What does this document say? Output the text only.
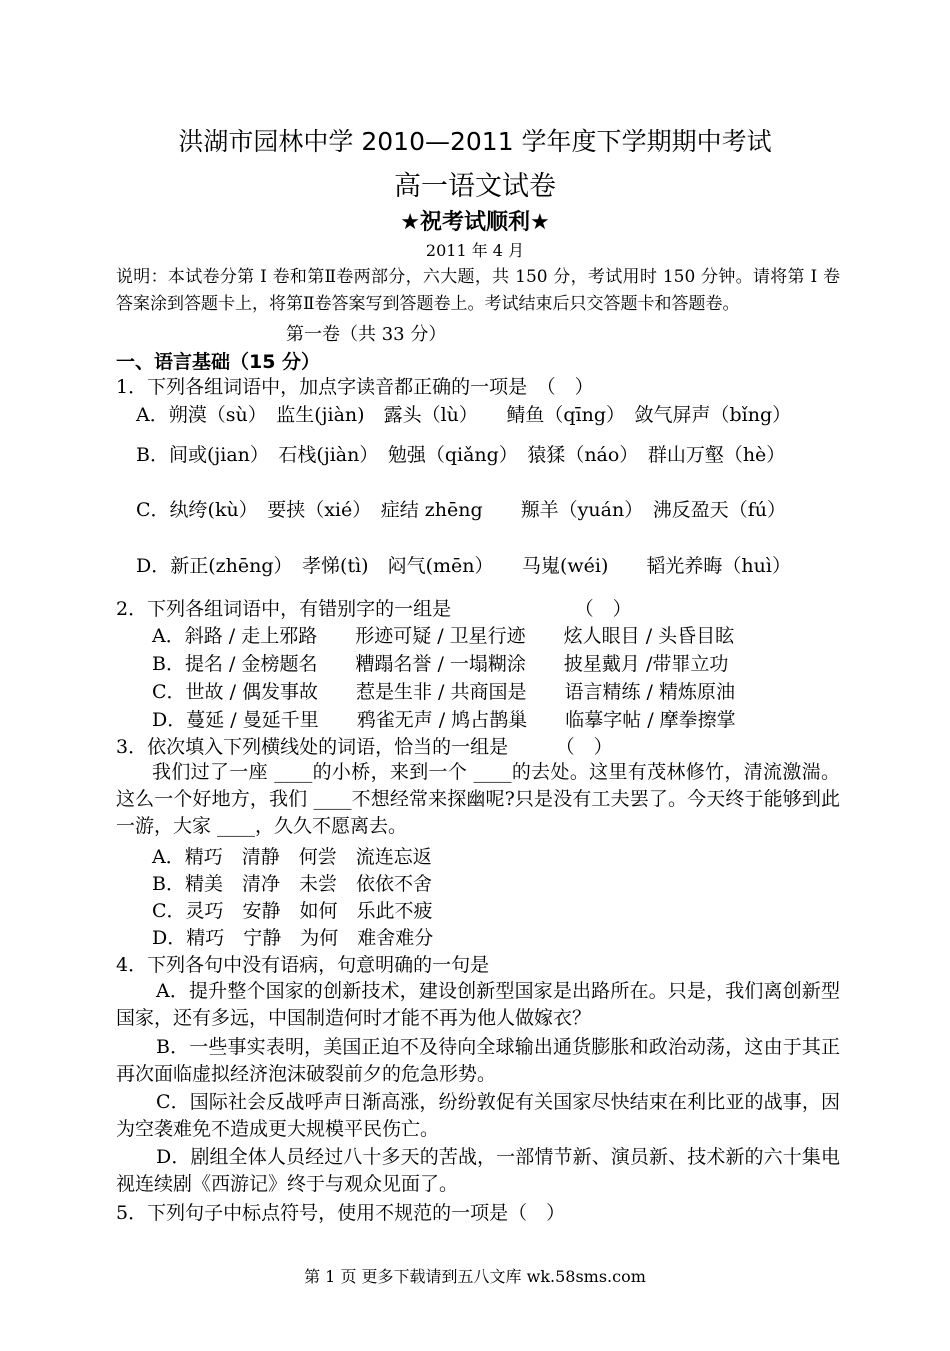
洪湖市园林中学 2010—2011 学年度下学期期中考试
高一语文试卷
★祝考试顺利★
2011 年 4 月
说明：本试卷分第 I 卷和第Ⅱ卷两部分，六大题，共 150 分，考试用时 150 分钟。请将第 I 卷答案涂到答题卡上，将第Ⅱ卷答案写到答题卷上。考试结束后只交答题卡和答题卷。
第一卷（共 33 分）
一、语言基础（15 分）
1．下列各组词语中，加点字读音都正确的一项是　（　）
A．朔漠（sù）　监生(jiàn)　露头（lù）　　鲭鱼（qīng）　敛气屏声（bǐng）
B．间或(jian）　石栈(jiàn）　勉强（qiǎng）　猿猱（náo）　群山万壑（hè）
C．纨绔(kù）　要挟（xié）　症结 zhēng　　羱羊（yuán）　沸反盈天（fú）
D．新正(zhēng）　孝悌(tì)　闷气(mēn）　　马嵬(wéi)　　韬光养晦（huì）
2．下列各组词语中，有错别字的一组是　　　　　　　（　）
A．斜路 / 走上邪路　　形迹可疑 / 卫星行迹　　炫人眼目 / 头昏目眩
B．提名 / 金榜题名　　糟蹋名誉 / 一塌糊涂　　披星戴月 /带罪立功
C．世故 / 偶发事故　　惹是生非 / 共商国是　　语言精练 / 精炼原油
D．蔓延 / 曼延千里　　鸦雀无声 / 鸠占鹊巢　　临摹字帖 / 摩拳擦掌
3．依次填入下列横线处的词语，恰当的一组是　　　（　）
我们过了一座 ____的小桥，来到一个 ____的去处。这里有茂林修竹，清流激湍。这么一个好地方，我们 ____不想经常来探幽呢?只是没有工夫罢了。今天终于能够到此一游，大家 ____，久久不愿离去。
A．精巧　清静　何尝　流连忘返
B．精美　清净　未尝　依依不舍
C．灵巧　安静　如何　乐此不疲
D．精巧　宁静　为何　难舍难分
4．下列各句中没有语病，句意明确的一句是
A．提升整个国家的创新技术，建设创新型国家是出路所在。只是，我们离创新型国家，还有多远，中国制造何时才能不再为他人做嫁衣？
B．一些事实表明，美国正迫不及待向全球输出通货膨胀和政治动荡，这由于其正再次面临虚拟经济泡沫破裂前夕的危急形势。
C．国际社会反战呼声日渐高涨，纷纷敦促有关国家尽快结束在利比亚的战事，因为空袭难免不造成更大规模平民伤亡。
D．剧组全体人员经过八十多天的苦战，一部情节新、演员新、技术新的六十集电视连续剧《西游记》终于与观众见面了。
5．下列句子中标点符号，使用不规范的一项是（　）
第 1 页 更多下载请到五八文库 wk.58sms.com
